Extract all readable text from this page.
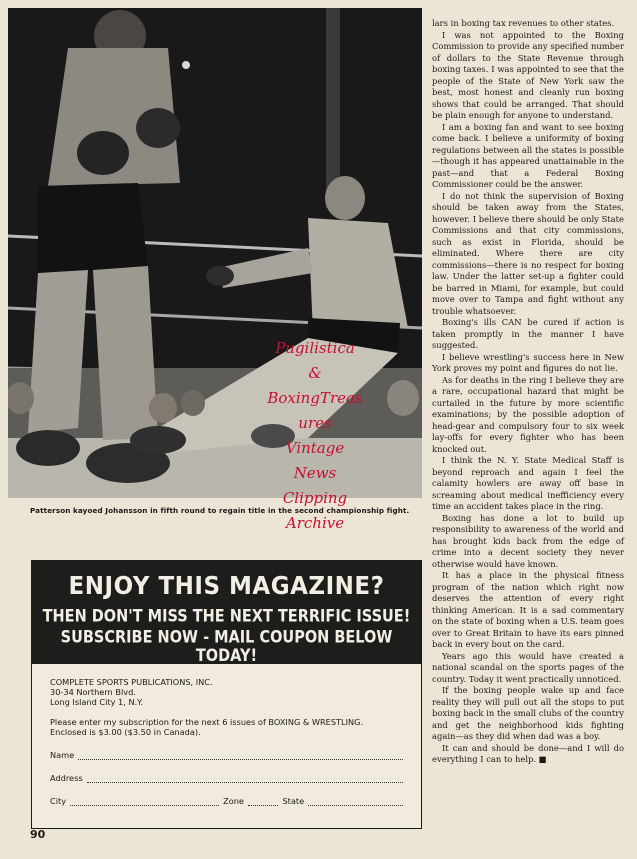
Patterson kayoed Johansson in fifth round to regain title in the second championship fight.
Pugilistica
&
BoxingTreas
ures
Vintage
News
Clipping
Archive

lars in boxing tax revenues to other states.

I was not appointed to the Boxing Commission to provide any specified number of dollars to the State Revenue through boxing taxes. I was appointed to see that the people of the State of New York saw the best, most honest and cleanly run boxing shows that could be arranged. That should be plain enough for anyone to understand.

I am a boxing fan and want to see boxing come back. I believe a uniformity of boxing regulations between all the states is possible—though it has appeared unattainable in the past—and that a Federal Boxing Commissioner could be the answer.

I do not think the supervision of Boxing should be taken away from the States, however. I believe there should be only State Commissions and that city commissions, such as exist in Florida, should be eliminated. Where there are city commissions—there is no respect for boxing law. Under the latter set-up a fighter could be barred in Miami, for example, but could move over to Tampa and fight without any trouble whatsoever.

Boxing's ills CAN be cured if action is taken promptly in the manner I have suggested.

I believe wrestling's success here in New York proves my point and figures do not lie.

As for deaths in the ring I believe they are a rare, occupational hazard that might be curtailed in the future by more scientific examinations; by the possible adoption of head-gear and compulsory four to six week lay-offs for every fighter who has been knocked out.

I think the N. Y. State Medical Staff is beyond reproach and again I feel the calamity howlers are away off base in screaming about medical inefficiency every time an accident takes place in the ring.

Boxing has done a lot to build up responsibility to awareness of the world and has brought kids back from the edge of crime into a decent society they never otherwise would have known.

It has a place in the physical fitness program of the nation which right now deserves the attention of every right thinking American. It is a sad commentary on the state of boxing when a U.S. team goes over to Great Britain to have its ears pinned back in every bout on the card.

Years ago this would have created a national scandal on the sports pages of the country. Today it went practically unnoticed.

If the boxing people wake up and face reality they will pull out all the stops to put boxing back in the small clubs of the country and get the neighborhood kids fighting again—as they did when dad was a boy.

It can and should be done—and I will do everything I can to help. ■

ENJOY THIS MAGAZINE?
THEN DON'T MISS THE NEXT TERRIFIC ISSUE!
SUBSCRIBE NOW - MAIL COUPON BELOW TODAY!
COMPLETE SPORTS PUBLICATIONS, INC.
30-34 Northern Blvd.
Long Island City 1, N.Y.
Please enter my subscription for the next 6 issues of BOXING & WRESTLING.
Enclosed is $3.00 ($3.50 in Canada).
Name
Address
City	Zone	State
90
